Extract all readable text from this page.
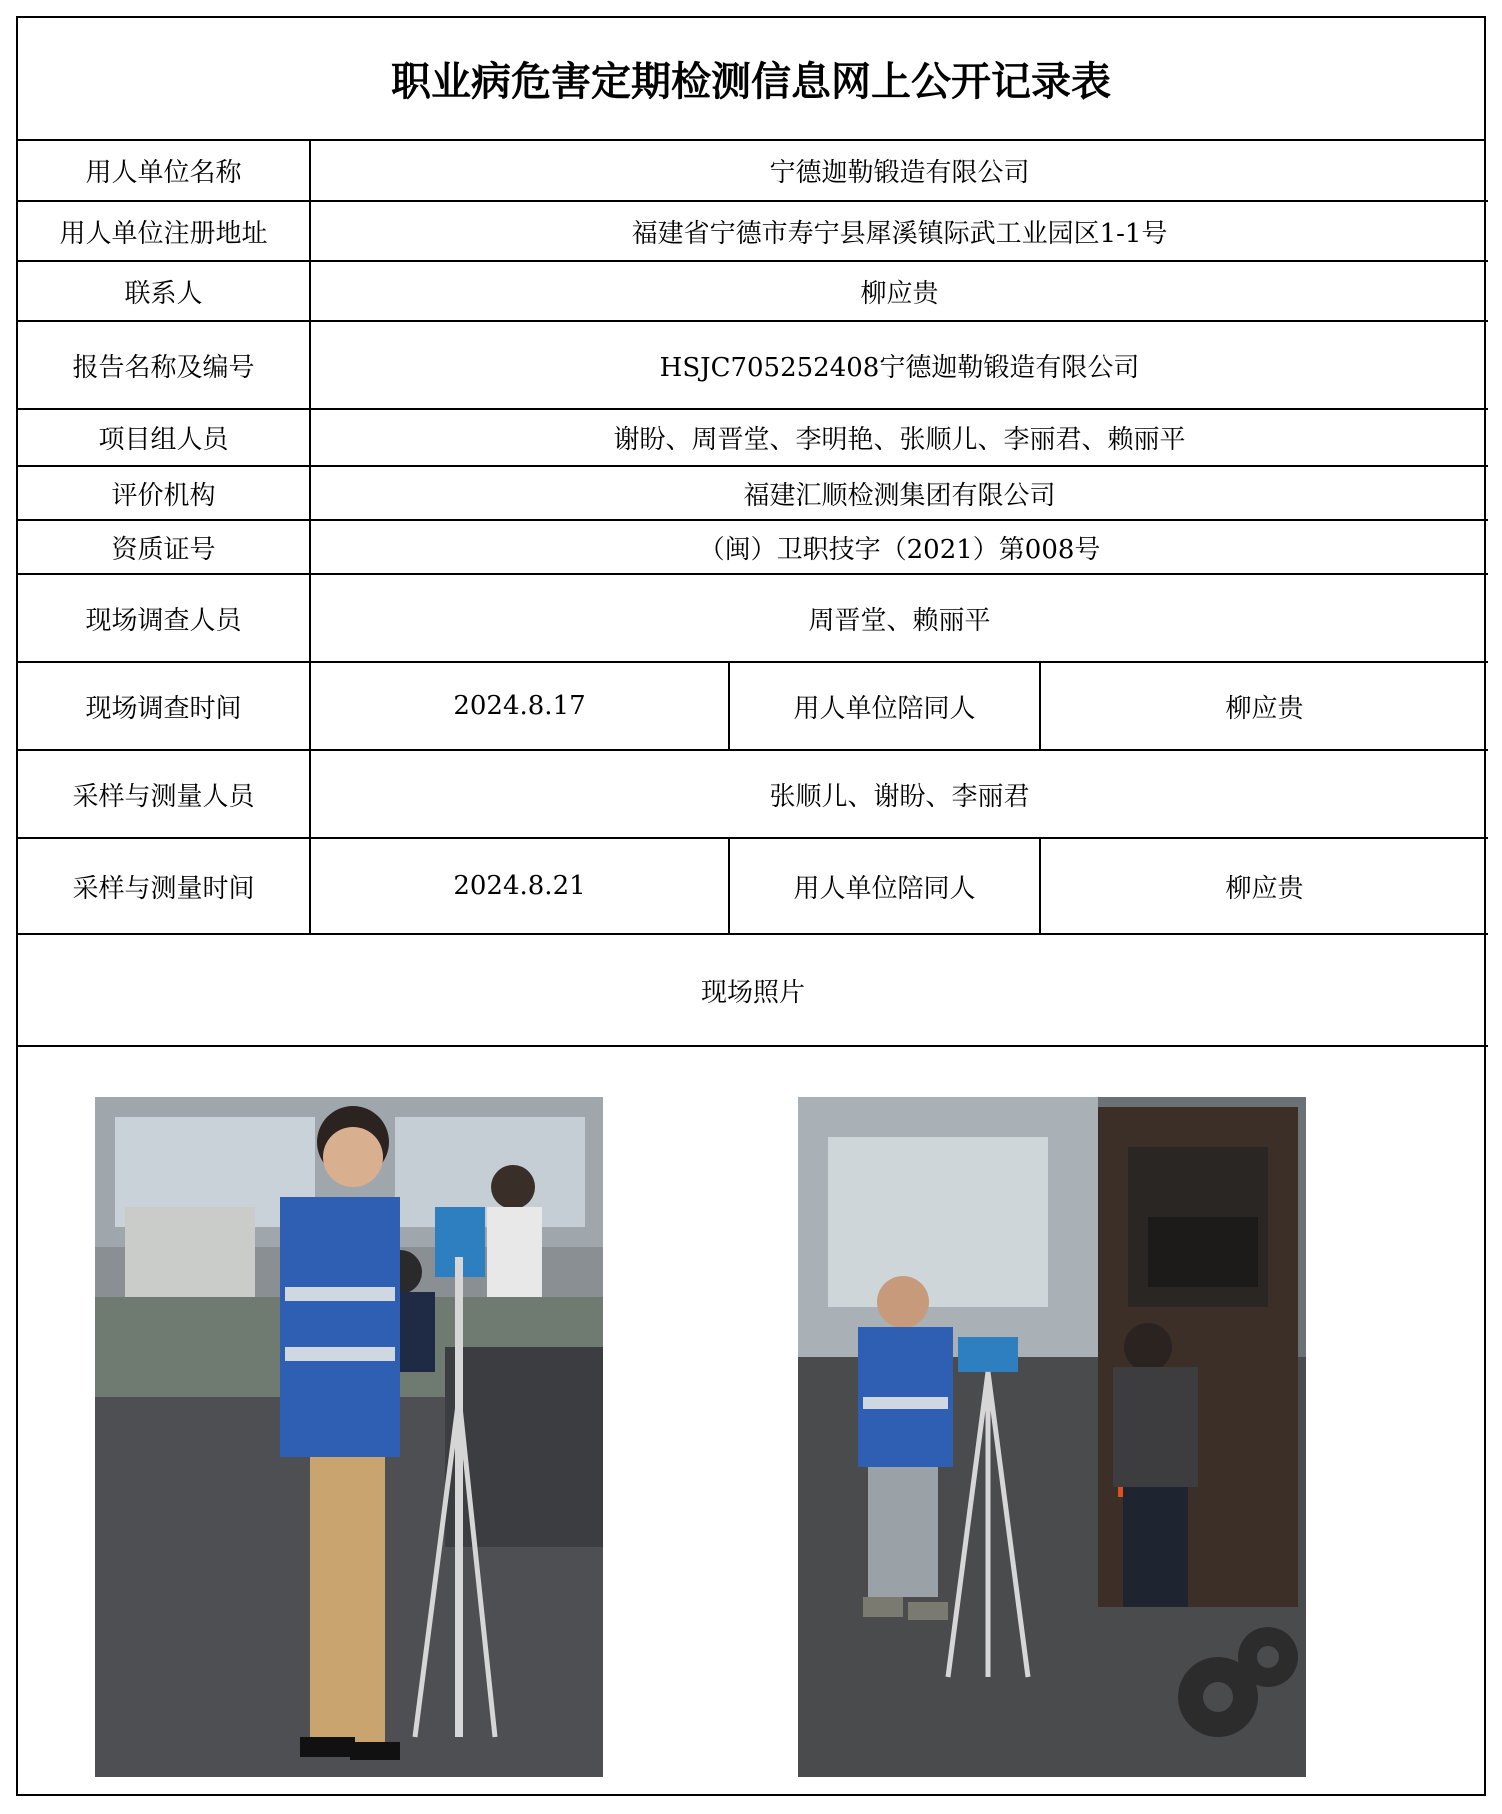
职业病危害定期检测信息网上公开记录表
用人单位名称	宁德迦勒锻造有限公司		
用人单位注册地址	福建省宁德市寿宁县犀溪镇际武工业园区1-1号		
联系人	柳应贵		
报告名称及编号	HSJC705252408宁德迦勒锻造有限公司		
项目组人员	谢盼、周晋堂、李明艳、张顺儿、李丽君、赖丽平		
评价机构	福建汇顺检测集团有限公司		
资质证号	（闽）卫职技字（2021）第008号		
现场调查人员	周晋堂、赖丽平		
现场调查时间	2024.8.17	用人单位陪同人	柳应贵
采样与测量人员	张顺儿、谢盼、李丽君		
采样与测量时间	2024.8.21	用人单位陪同人	柳应贵
现场照片			
